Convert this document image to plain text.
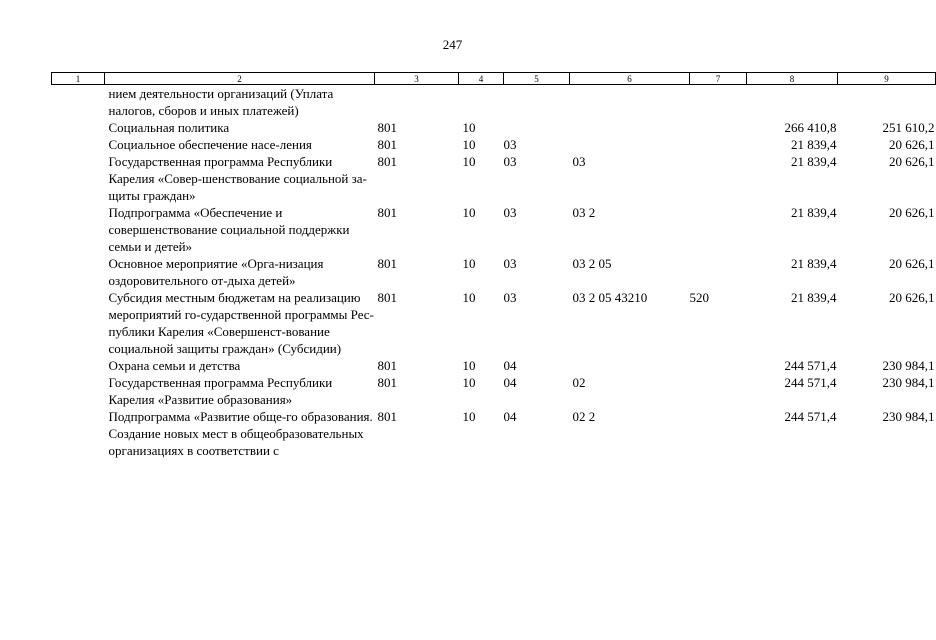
247
1	2	3	4	5	6	7	8	9
	нием деятельности организаций (Уплата налогов, сборов и иных платежей)							
	Социальная политика	801	10				266 410,8	251 610,2
	Социальное обеспечение насе-ления	801	10	03			21 839,4	20 626,1
	Государственная программа Республики Карелия «Совер-шенствование социальной за-щиты граждан»	801	10	03	03		21 839,4	20 626,1
	Подпрограмма «Обеспечение и совершенствование социальной поддержки семьи и детей»	801	10	03	03 2		21 839,4	20 626,1
	Основное мероприятие «Орга-низация оздоровительного от-дыха детей»	801	10	03	03 2 05		21 839,4	20 626,1
	Субсидия местным бюджетам на реализацию мероприятий го-сударственной программы Рес-публики Карелия «Совершенст-вование социальной защиты граждан» (Субсидии)	801	10	03	03 2 05 43210	520	21 839,4	20 626,1
	Охрана семьи и детства	801	10	04			244 571,4	230 984,1
	Государственная программа Республики Карелия «Развитие образования»	801	10	04	02		244 571,4	230 984,1
	Подпрограмма «Развитие обще-го образования. Создание новых мест в общеобразовательных организациях в соответствии с	801	10	04	02 2		244 571,4	230 984,1
